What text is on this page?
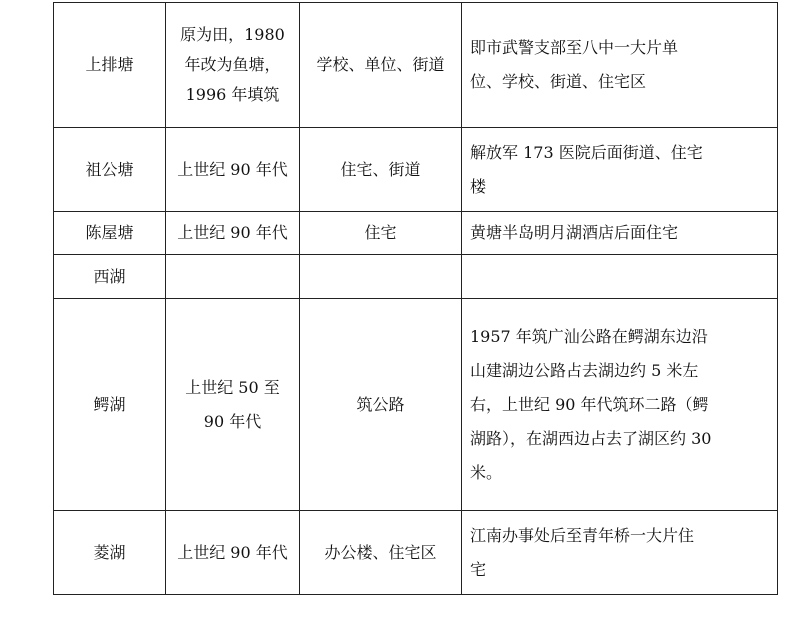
上排塘	原为田，1980
年改为鱼塘，
1996 年填筑	学校、单位、街道	即市武警支部至八中一大片单
位、学校、街道、住宅区

祖公塘	上世纪 90 年代	住宅、街道	解放军 173 医院后面街道、住宅
楼

陈屋塘	上世纪 90 年代	住宅	黄塘半岛明月湖酒店后面住宅

西湖			
鳄湖	上世纪 50 至
90 年代	筑公路	1957 年筑广汕公路在鳄湖东边沿
山建湖边公路占去湖边约 5 米左
右，上世纪 90 年代筑环二路（鳄
湖路），在湖西边占去了湖区约 30
米。

菱湖	上世纪 90 年代	办公楼、住宅区	江南办事处后至青年桥一大片住
宅
